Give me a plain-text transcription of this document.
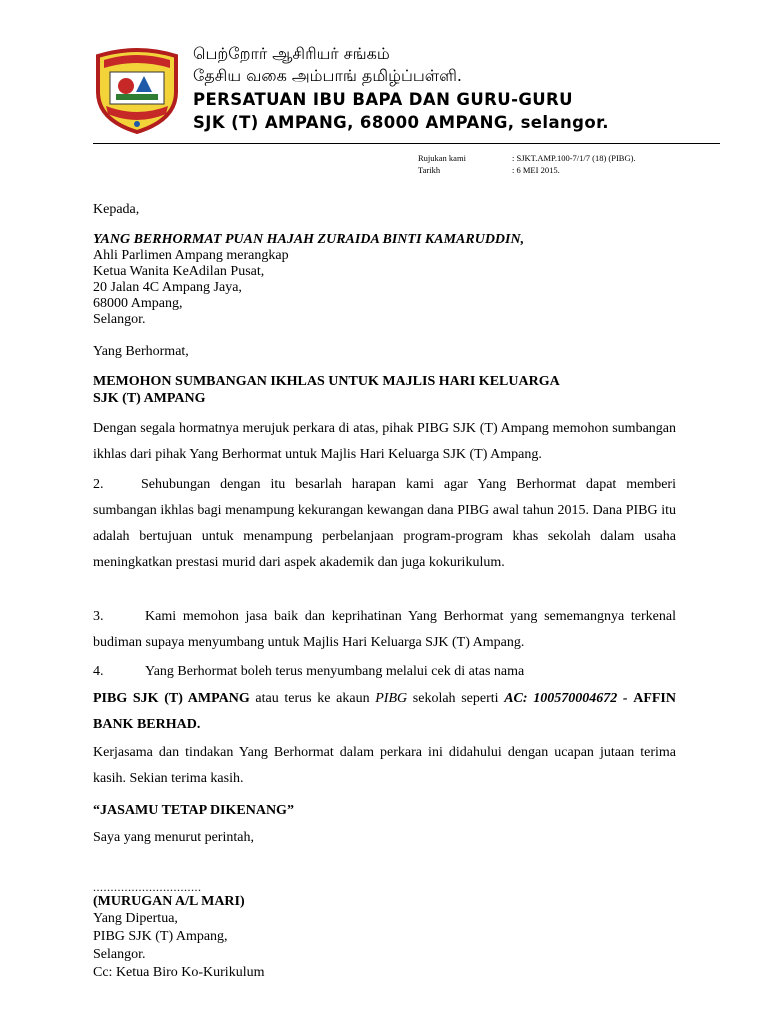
பெற்றோர் ஆசிரியர் சங்கம்
தேசிய வகை அம்பாங் தமிழ்ப்பள்ளி.
PERSATUAN IBU BAPA DAN GURU-GURU
SJK (T) AMPANG, 68000 AMPANG, selangor.
Rujukan kami	: SJKT.AMP.100-7/1/7 (18) (PIBG).
Tarikh	: 6 MEI 2015.
Kepada,
YANG BERHORMAT PUAN HAJAH ZURAIDA BINTI KAMARUDDIN,
Ahli Parlimen Ampang merangkap
Ketua Wanita KeAdilan Pusat,
20 Jalan 4C Ampang Jaya,
68000 Ampang,
Selangor.
Yang Berhormat,
MEMOHON SUMBANGAN IKHLAS UNTUK MAJLIS HARI KELUARGA
SJK (T) AMPANG
Dengan segala hormatnya merujuk perkara di atas, pihak PIBG SJK (T) Ampang memohon sumbangan ikhlas dari pihak Yang Berhormat untuk Majlis Hari Keluarga SJK (T) Ampang.
2.	Sehubungan dengan itu besarlah harapan kami agar Yang Berhormat dapat memberi sumbangan ikhlas bagi menampung kekurangan kewangan dana PIBG awal tahun 2015. Dana PIBG itu adalah bertujuan untuk menampung perbelanjaan program-program khas sekolah dalam usaha meningkatkan prestasi murid dari aspek akademik dan juga kokurikulum.
3.	Kami memohon jasa baik dan keprihatinan Yang Berhormat yang sememangnya terkenal budiman supaya menyumbang untuk Majlis Hari Keluarga SJK (T) Ampang.
4.	Yang Berhormat boleh terus menyumbang melalui cek di atas nama
PIBG SJK (T) AMPANG atau terus ke akaun PIBG sekolah seperti AC: 100570004672 - AFFIN BANK BERHAD.
Kerjasama dan tindakan Yang Berhormat dalam perkara ini didahului dengan ucapan jutaan terima kasih. Sekian terima kasih.
“JASAMU TETAP DIKENANG”
Saya yang menurut perintah,
...............................
(MURUGAN A/L MARI)
Yang Dipertua,
PIBG SJK (T) Ampang,
Selangor.
Cc: Ketua Biro Ko-Kurikulum
